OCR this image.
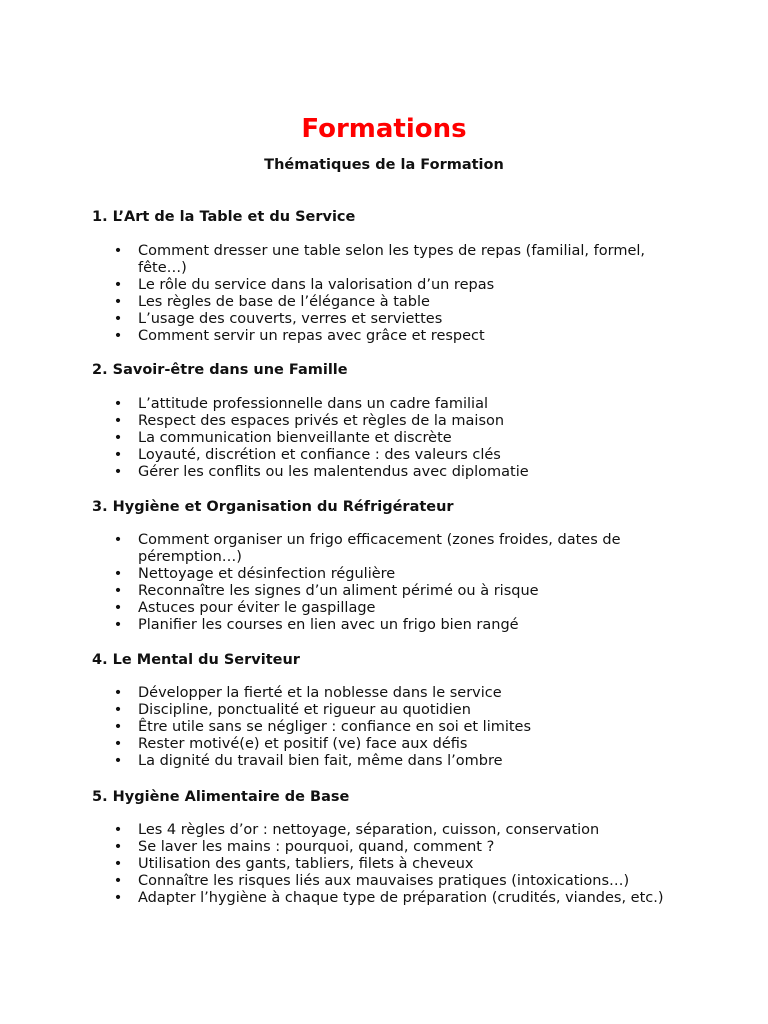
Formations
Thématiques de la Formation
1. L’Art de la Table et du Service
• Comment dresser une table selon les types de repas (familial, formel, fête…)
• Le rôle du service dans la valorisation d’un repas
• Les règles de base de l’élégance à table
• L’usage des couverts, verres et serviettes
• Comment servir un repas avec grâce et respect
2. Savoir-être dans une Famille
• L’attitude professionnelle dans un cadre familial
• Respect des espaces privés et règles de la maison
• La communication bienveillante et discrète
• Loyauté, discrétion et confiance : des valeurs clés
• Gérer les conflits ou les malentendus avec diplomatie
3. Hygiène et Organisation du Réfrigérateur
• Comment organiser un frigo efficacement (zones froides, dates de péremption…)
• Nettoyage et désinfection régulière
• Reconnaître les signes d’un aliment périmé ou à risque
• Astuces pour éviter le gaspillage
• Planifier les courses en lien avec un frigo bien rangé
4. Le Mental du Serviteur
• Développer la fierté et la noblesse dans le service
• Discipline, ponctualité et rigueur au quotidien
• Être utile sans se négliger : confiance en soi et limites
• Rester motivé(e) et positif (ve) face aux défis
• La dignité du travail bien fait, même dans l’ombre
5. Hygiène Alimentaire de Base
• Les 4 règles d’or : nettoyage, séparation, cuisson, conservation
• Se laver les mains : pourquoi, quand, comment ?
• Utilisation des gants, tabliers, filets à cheveux
• Connaître les risques liés aux mauvaises pratiques (intoxications…)
• Adapter l’hygiène à chaque type de préparation (crudités, viandes, etc.)
